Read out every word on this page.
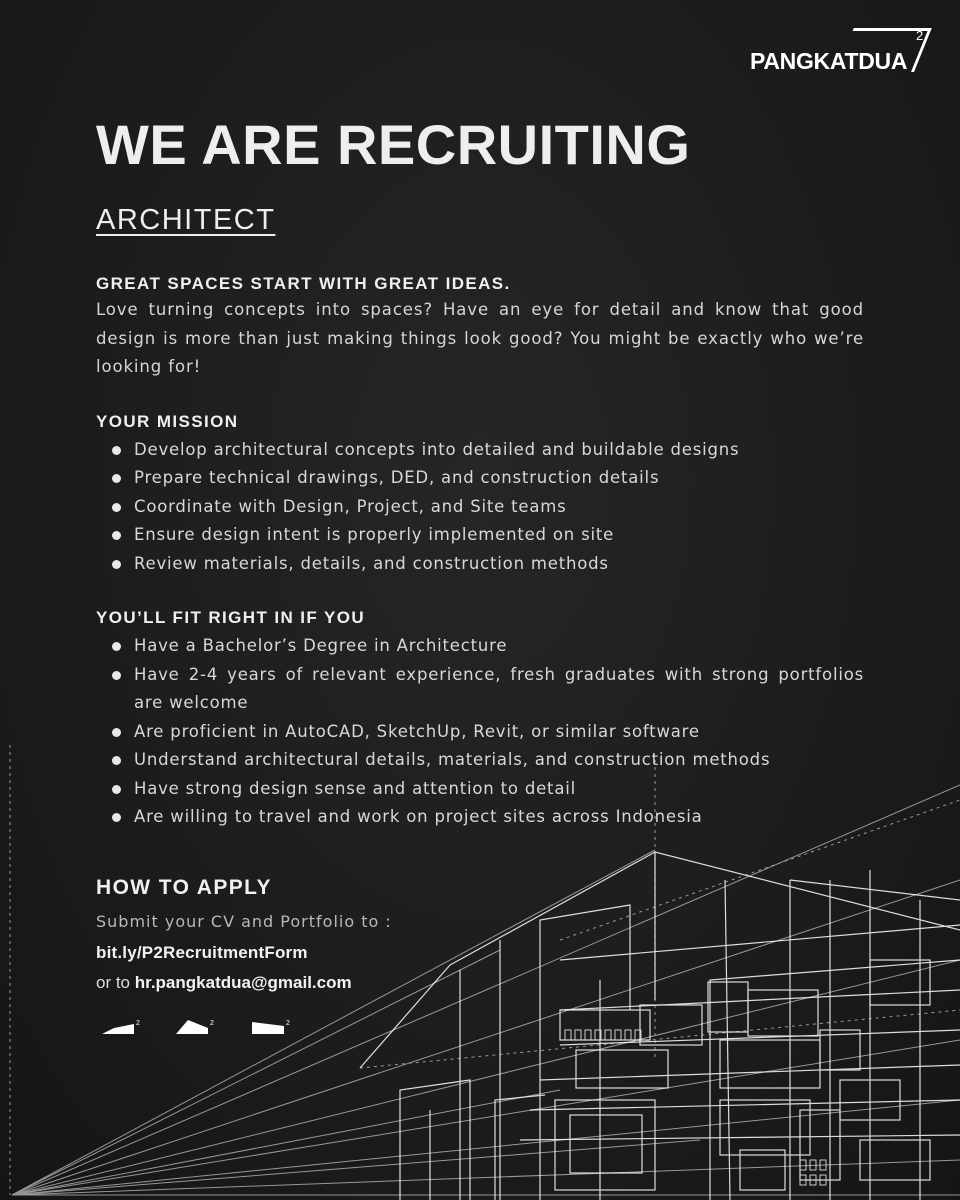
PANGKATDUA
2
WE ARE RECRUITING
ARCHITECT
GREAT SPACES START WITH GREAT IDEAS.
Love turning concepts into spaces? Have an eye for detail and know that good design is more than just making things look good? You might be exactly who we’re looking for!
YOUR MISSION
Develop architectural concepts into detailed and buildable designs
Prepare technical drawings, DED, and construction details
Coordinate with Design, Project, and Site teams
Ensure design intent is properly implemented on site
Review materials, details, and construction methods
YOU’LL FIT RIGHT IN IF YOU
Have a Bachelor’s Degree in Architecture
Have 2-4 years of relevant experience, fresh graduates with strong portfolios are welcome
Are proficient in AutoCAD, SketchUp, Revit, or similar software
Understand architectural details, materials, and construction methods
Have strong design sense and attention to detail
Are willing to travel and work on project sites across Indonesia
HOW TO APPLY
Submit your CV and Portfolio to :
bit.ly/P2RecruitmentForm
or to hr.pangkatdua@gmail.com
2	2	2
